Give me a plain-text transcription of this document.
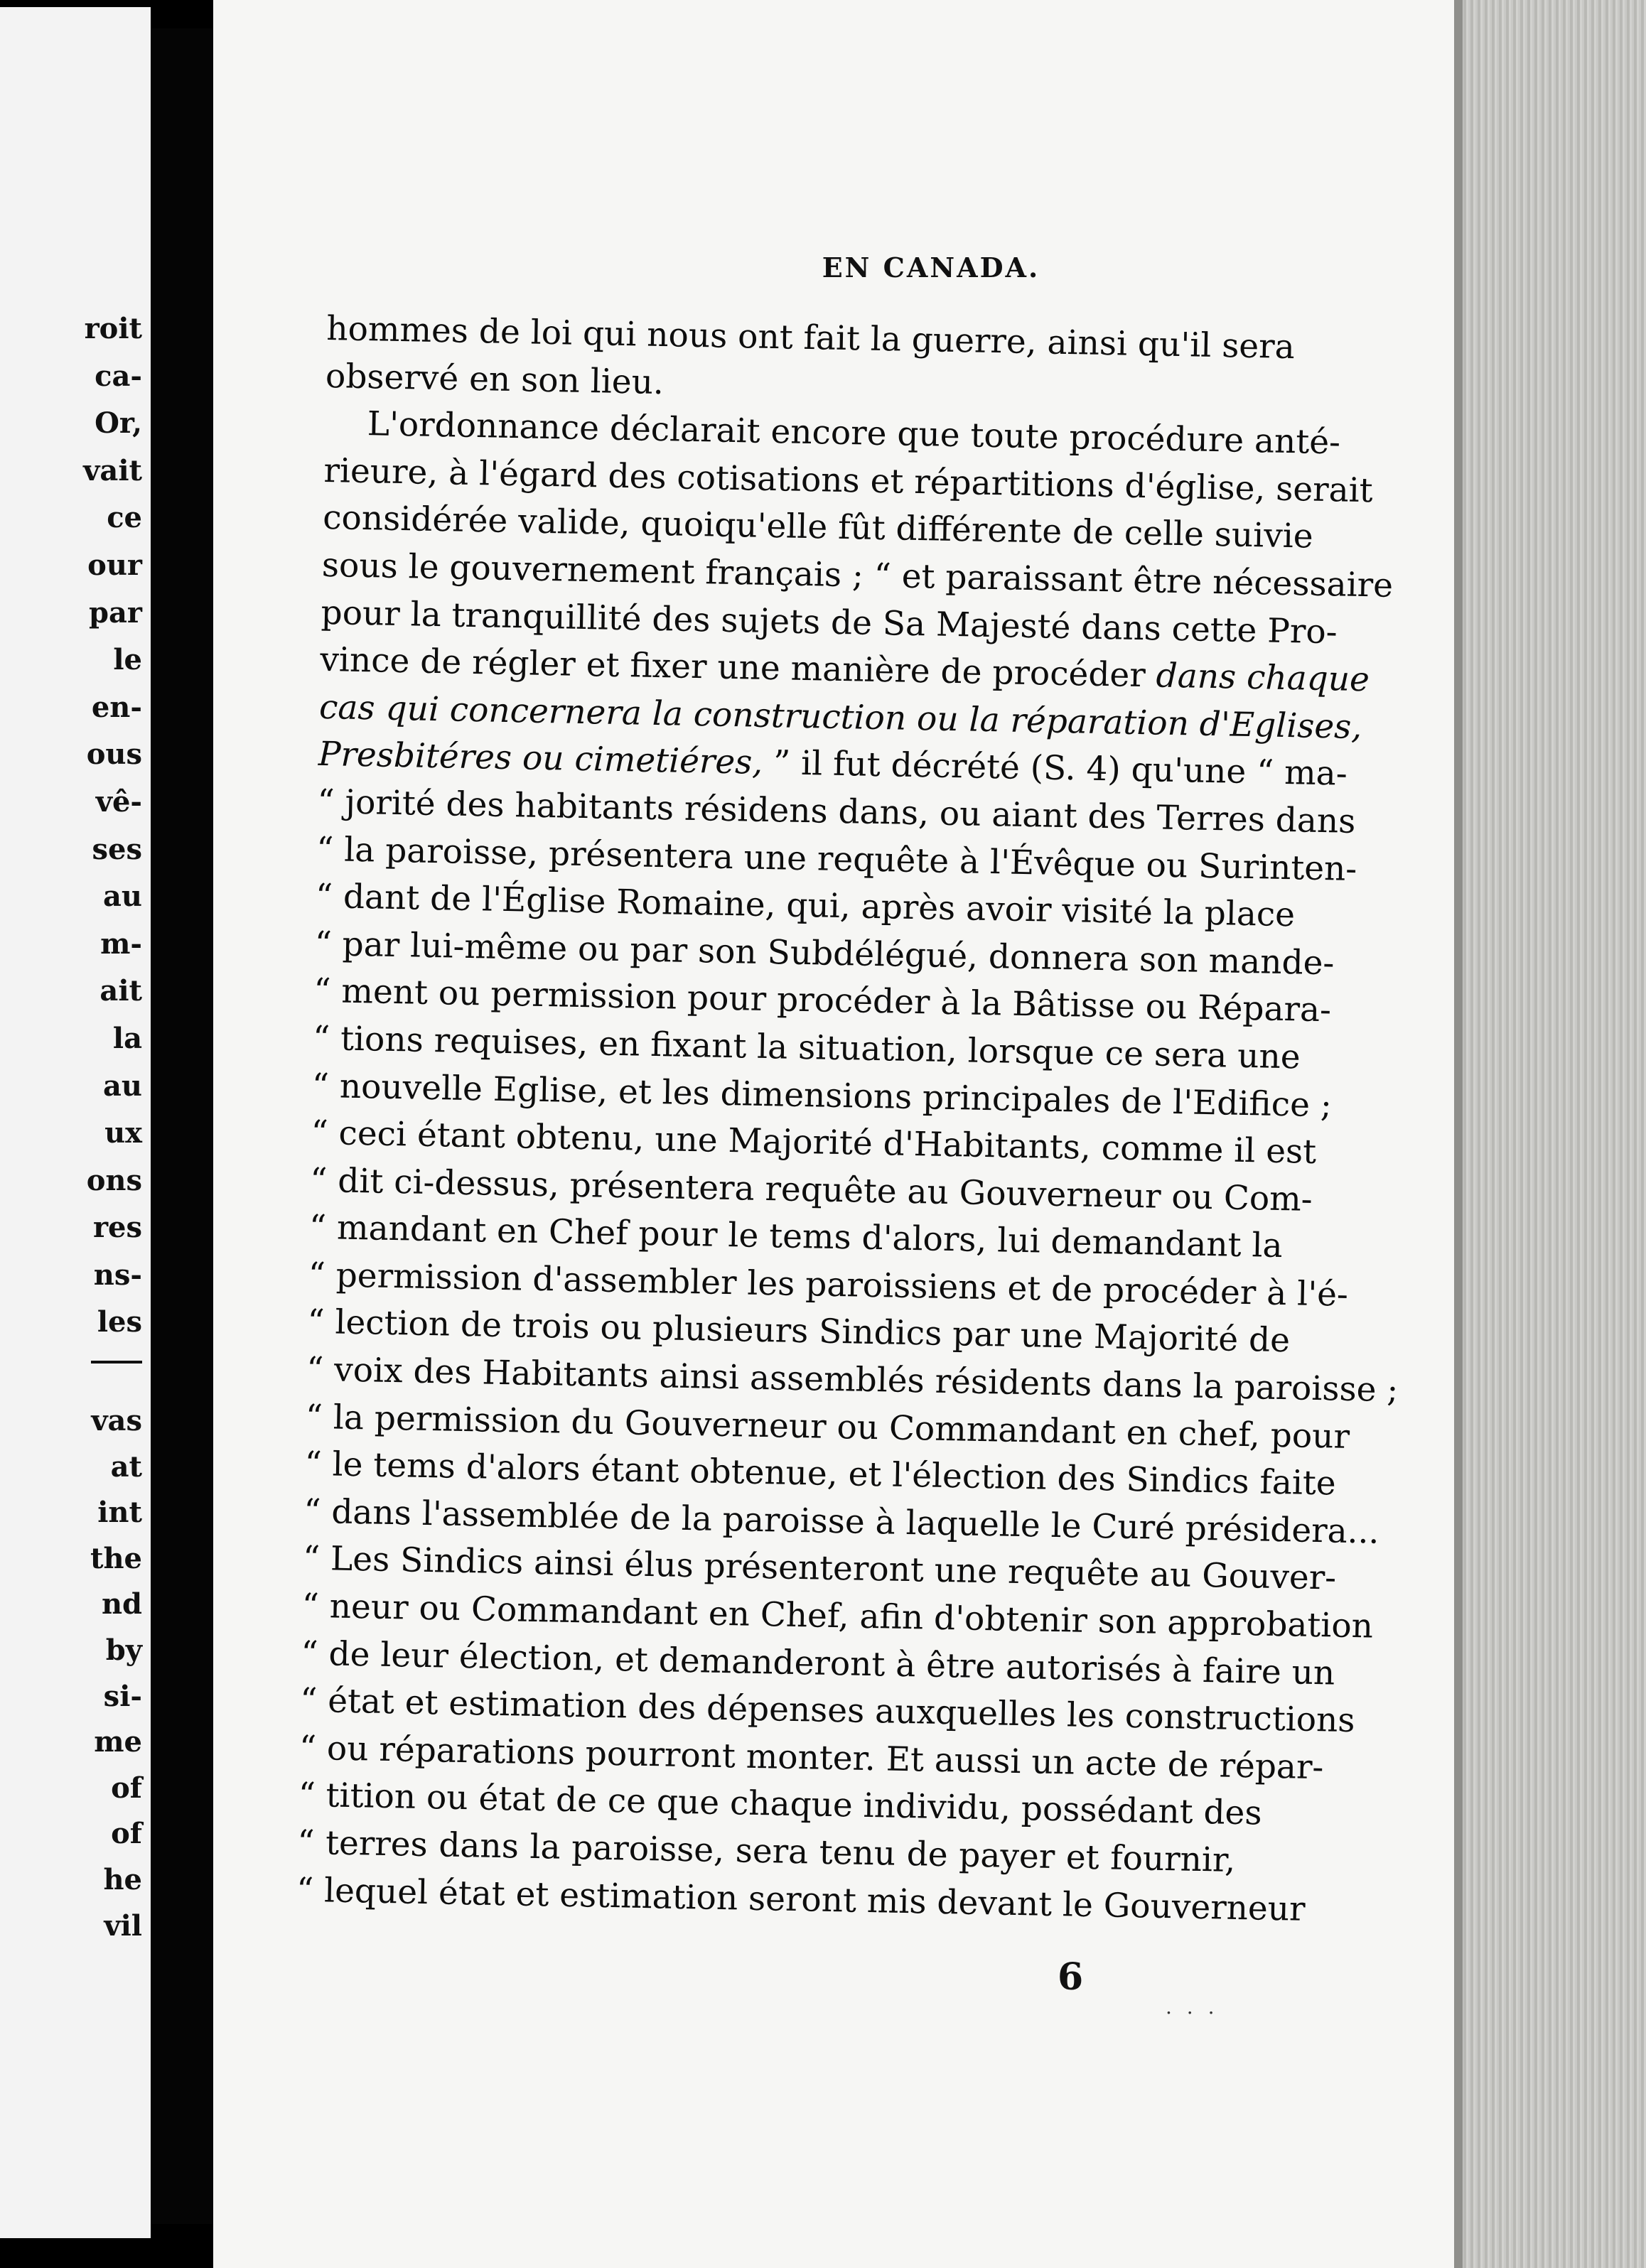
roit
ca-
Or,
vait
ce
our
par
le
en-
ous
vê-
ses
au
m-
ait
la
au
ux
ons
res
ns-
les

vas
at
int
the
nd
by
si-
me
of
of
he
vil
EN CANADA.
hommes de loi qui nous ont fait la guerre, ainsi qu'il sera
observé en son lieu.
L'ordonnance déclarait encore que toute procédure anté-
rieure, à l'égard des cotisations et répartitions d'église, serait
considérée valide, quoiqu'elle fût différente de celle suivie
sous le gouvernement français ; “ et paraissant être nécessaire
pour la tranquillité des sujets de Sa Majesté dans cette Pro-
vince de régler et fixer une manière de procéder dans chaque
cas qui concernera la construction ou la réparation d'Eglises,
Presbitéres ou cimetiéres, ” il fut décrété (S. 4) qu'une “ ma-
“ jorité des habitants résidens dans, ou aiant des Terres dans
“ la paroisse, présentera une requête à l'Évêque ou Surinten-
“ dant de l'Église Romaine, qui, après avoir visité la place
“ par lui-même ou par son Subdélégué, donnera son mande-
“ ment ou permission pour procéder à la Bâtisse ou Répara-
“ tions requises, en fixant la situation, lorsque ce sera une
“ nouvelle Eglise, et les dimensions principales de l'Edifice ;
“ ceci étant obtenu, une Majorité d'Habitants, comme il est
“ dit ci-dessus, présentera requête au Gouverneur ou Com-
“ mandant en Chef pour le tems d'alors, lui demandant la
“ permission d'assembler les paroissiens et de procéder à l'é-
“ lection de trois ou plusieurs Sindics par une Majorité de
“ voix des Habitants ainsi assemblés résidents dans la paroisse ;
“ la permission du Gouverneur ou Commandant en chef, pour
“ le tems d'alors étant obtenue, et l'élection des Sindics faite
“ dans l'assemblée de la paroisse à laquelle le Curé présidera...
“ Les Sindics ainsi élus présenteront une requête au Gouver-
“ neur ou Commandant en Chef, afin d'obtenir son approbation
“ de leur élection, et demanderont à être autorisés à faire un
“ état et estimation des dépenses auxquelles les constructions
“ ou réparations pourront monter. Et aussi un acte de répar-
“ tition ou état de ce que chaque individu, possédant des
“ terres dans la paroisse, sera tenu de payer et fournir,
“ lequel état et estimation seront mis devant le Gouverneur
6
. . .
